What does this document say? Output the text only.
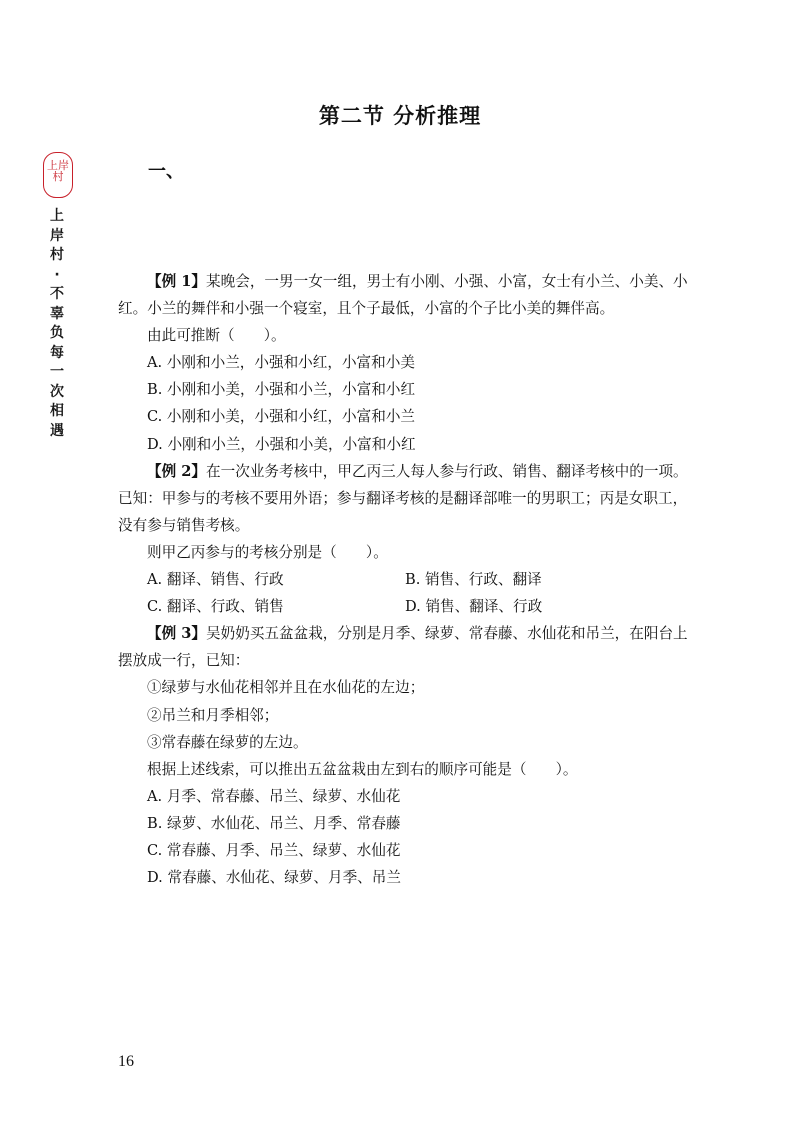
上岸
村
上
岸
村
·
不
辜
负
每
一
次
相
遇
第二节 分析推理
一、

【例 1】某晚会，一男一女一组，男士有小刚、小强、小富，女士有小兰、小美、小红。小兰的舞伴和小强一个寝室，且个子最低，小富的个子比小美的舞伴高。

由此可推断（　　）。

A. 小刚和小兰，小强和小红，小富和小美

B. 小刚和小美，小强和小兰，小富和小红

C. 小刚和小美，小强和小红，小富和小兰

D. 小刚和小兰，小强和小美，小富和小红

【例 2】在一次业务考核中，甲乙丙三人每人参与行政、销售、翻译考核中的一项。已知：甲参与的考核不要用外语；参与翻译考核的是翻译部唯一的男职工；丙是女职工，没有参与销售考核。

则甲乙丙参与的考核分别是（　　）。

A. 翻译、销售、行政	B. 销售、行政、翻译
C. 翻译、行政、销售	D. 销售、翻译、行政

【例 3】吴奶奶买五盆盆栽，分别是月季、绿萝、常春藤、水仙花和吊兰，在阳台上摆放成一行，已知：

①绿萝与水仙花相邻并且在水仙花的左边；

②吊兰和月季相邻；

③常春藤在绿萝的左边。

根据上述线索，可以推出五盆盆栽由左到右的顺序可能是（　　）。

A. 月季、常春藤、吊兰、绿萝、水仙花

B. 绿萝、水仙花、吊兰、月季、常春藤

C. 常春藤、月季、吊兰、绿萝、水仙花

D. 常春藤、水仙花、绿萝、月季、吊兰

16
